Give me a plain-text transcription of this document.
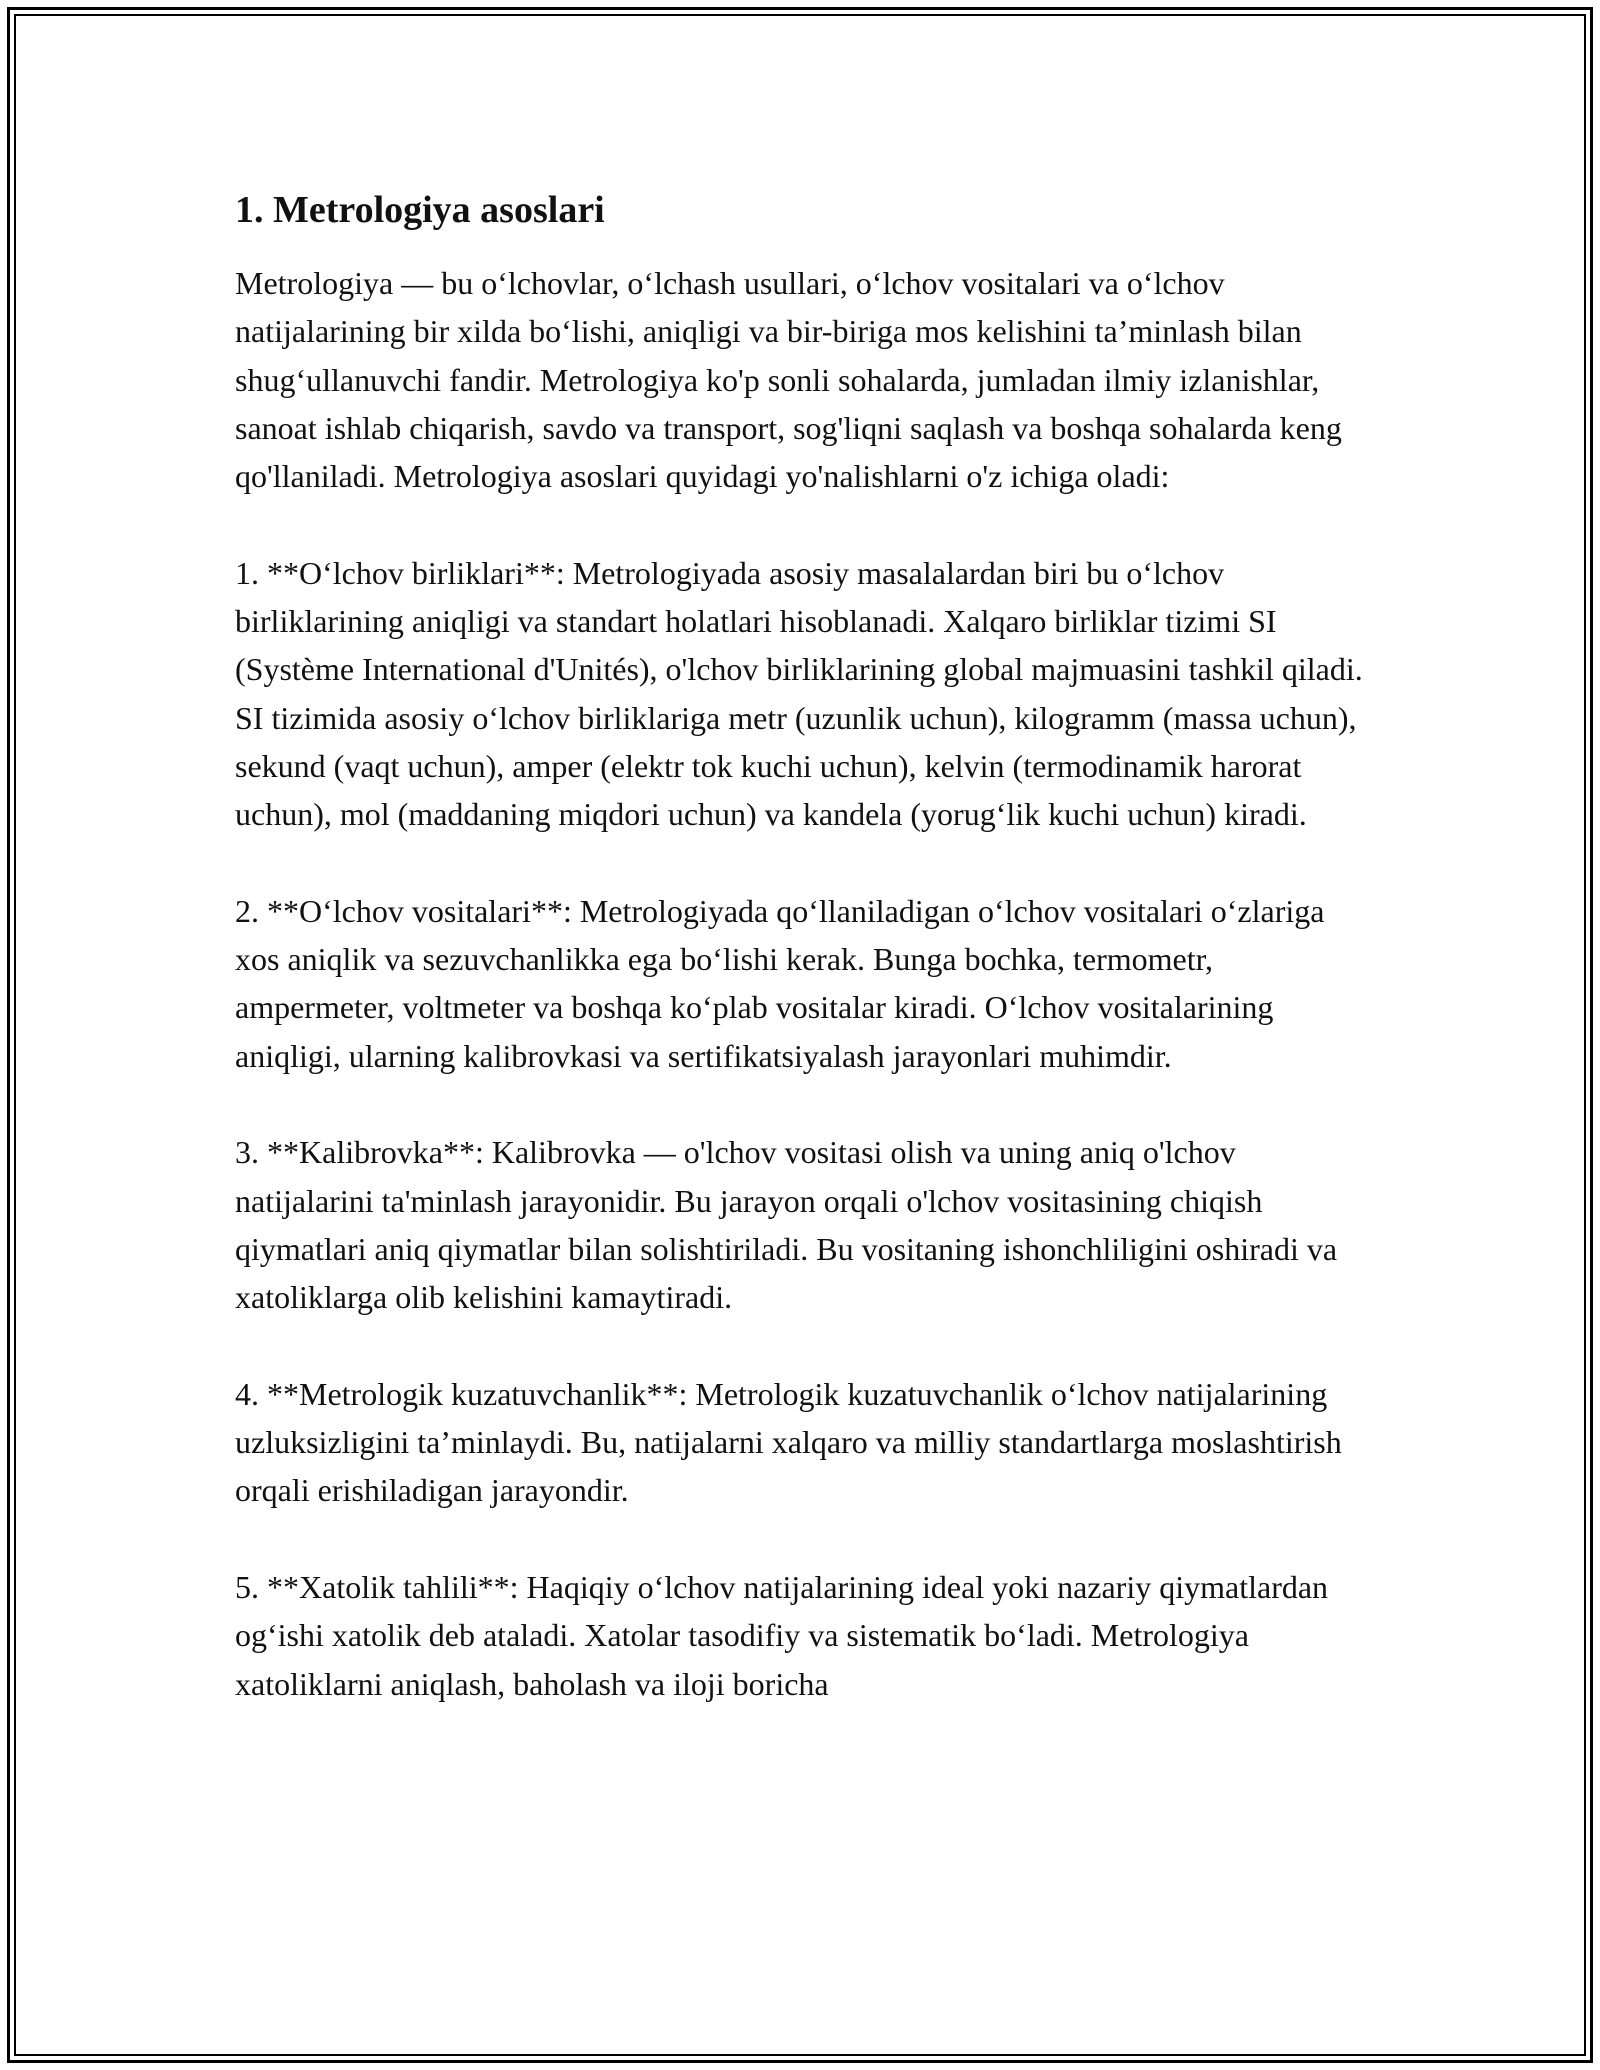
1. Metrologiya asoslari

Metrologiya — bu oʻlchovlar, oʻlchash usullari, oʻlchov vositalari va oʻlchov natijalarining bir xilda boʻlishi, aniqligi va bir-biriga mos kelishini taʼminlash bilan shugʻullanuvchi fandir. Metrologiya ko'p sonli sohalarda, jumladan ilmiy izlanishlar, sanoat ishlab chiqarish, savdo va transport, sog'liqni saqlash va boshqa sohalarda keng qo'llaniladi. Metrologiya asoslari quyidagi yo'nalishlarni o'z ichiga oladi:

1. **Oʻlchov birliklari**: Metrologiyada asosiy masalalardan biri bu oʻlchov birliklarining aniqligi va standart holatlari hisoblanadi. Xalqaro birliklar tizimi SI (Système International d'Unités), o'lchov birliklarining global majmuasini tashkil qiladi. SI tizimida asosiy oʻlchov birliklariga metr (uzunlik uchun), kilogramm (massa uchun), sekund (vaqt uchun), amper (elektr tok kuchi uchun), kelvin (termodinamik harorat uchun), mol (maddaning miqdori uchun) va kandela (yorugʻlik kuchi uchun) kiradi.

2. **Oʻlchov vositalari**: Metrologiyada qoʻllaniladigan oʻlchov vositalari oʻzlariga xos aniqlik va sezuvchanlikka ega boʻlishi kerak. Bunga bochka, termometr, ampermeter, voltmeter va boshqa koʻplab vositalar kiradi. Oʻlchov vositalarining aniqligi, ularning kalibrovkasi va sertifikatsiyalash jarayonlari muhimdir.

3. **Kalibrovka**: Kalibrovka — o'lchov vositasi olish va uning aniq o'lchov natijalarini ta'minlash jarayonidir. Bu jarayon orqali o'lchov vositasining chiqish qiymatlari aniq qiymatlar bilan solishtiriladi. Bu vositaning ishonchliligini oshiradi va xatoliklarga olib kelishini kamaytiradi.

4. **Metrologik kuzatuvchanlik**: Metrologik kuzatuvchanlik oʻlchov natijalarining uzluksizligini taʼminlaydi. Bu, natijalarni xalqaro va milliy standartlarga moslashtirish orqali erishiladigan jarayondir.

5. **Xatolik tahlili**: Haqiqiy oʻlchov natijalarining ideal yoki nazariy qiymatlardan ogʻishi xatolik deb ataladi. Xatolar tasodifiy va sistematik boʻladi. Metrologiya xatoliklarni aniqlash, baholash va iloji boricha
